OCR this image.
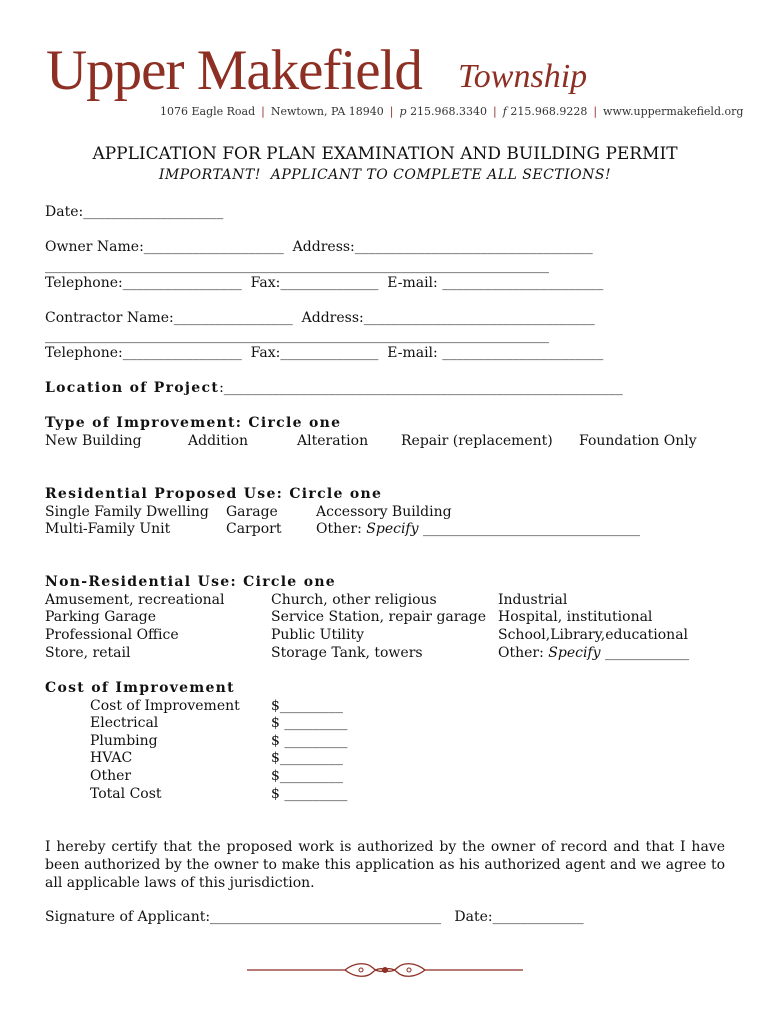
Upper Makefield Township
1076 Eagle Road | Newtown, PA 18940 | p 215.968.3340 | f 215.968.9228 | www.uppermakefield.org
APPLICATION FOR PLAN EXAMINATION AND BUILDING PERMIT
IMPORTANT!  APPLICANT TO COMPLETE ALL SECTIONS!
Date:____________________
Owner Name:____________________  Address:__________________________________
________________________________________________________________________
Telephone:_________________  Fax:______________  E-mail: _______________________
Contractor Name:_________________  Address:_________________________________
________________________________________________________________________
Telephone:_________________  Fax:______________  E-mail: _______________________
Location of Project:_________________________________________________________
Type of Improvement: Circle one
New Building	Addition	Alteration Repair (replacement) Foundation Only
Residential Proposed Use: Circle one
Single Family Dwelling
Multi-Family Unit
Garage
Carport
Accessory Building
Other: Specify _______________________________
Non-Residential Use: Circle one
Amusement, recreational
Parking Garage
Professional Office
Store, retail
Church, other religious
Service Station, repair garage
Public Utility
Storage Tank, towers
Industrial
Hospital, institutional
School,Library,educational
Other: Specify ____________
Cost of Improvement
Cost of Improvement
Electrical
Plumbing
HVAC
Other
Total Cost
$_________
$ _________
$ _________
$_________
$_________
$ _________
I hereby certify that the proposed work is authorized by the owner of record and that I have been authorized by the owner to make this application as his authorized agent and we agree to all applicable laws of this jurisdiction.
Signature of Applicant:_________________________________   Date:_____________
